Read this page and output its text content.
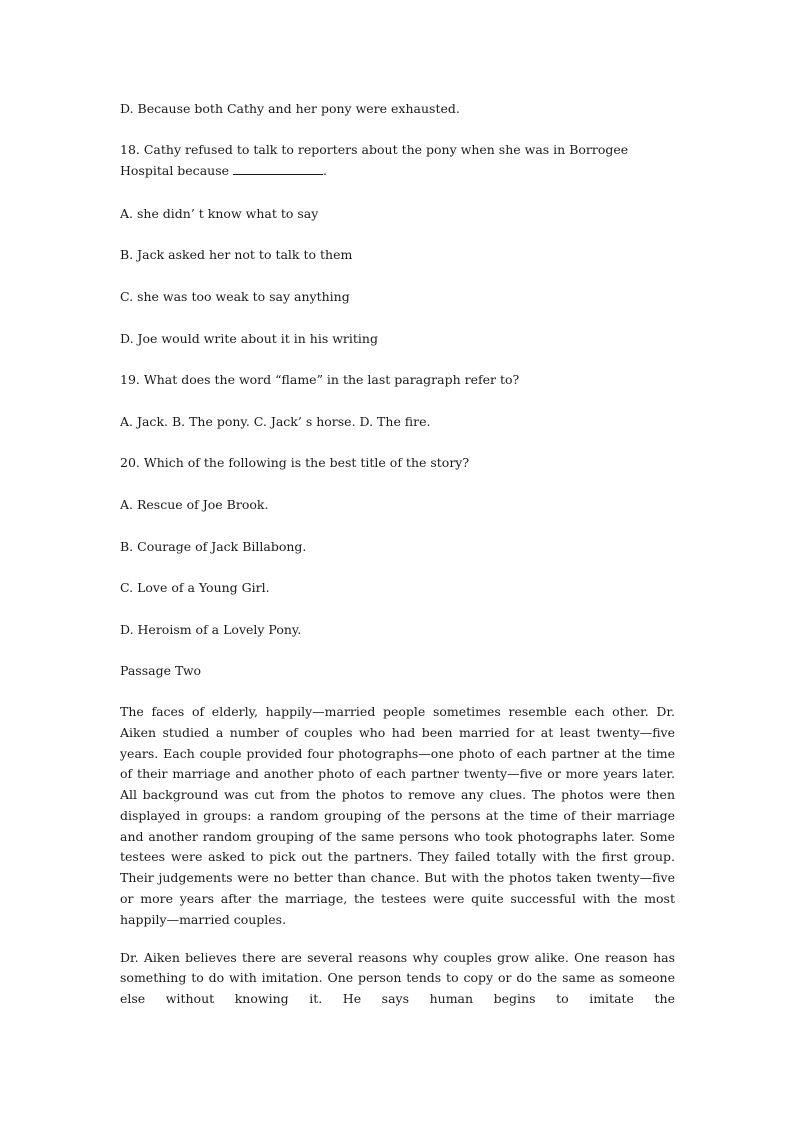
D. Because both Cathy and her pony were exhausted.

18. Cathy refused to talk to reporters about the pony when she was in Borrogee Hospital because	.

A. she didn’ t know what to say

B. Jack asked her not to talk to them

C. she was too weak to say anything

D. Joe would write about it in his writing

19. What does the word “flame” in the last paragraph refer to?

A. Jack. B. The pony. C. Jack’ s horse. D. The fire.

20. Which of the following is the best title of the story?

A. Rescue of Joe Brook.

B. Courage of Jack Billabong.

C. Love of a Young Girl.

D. Heroism of a Lovely Pony.

Passage Two

The faces of elderly, happily—married people sometimes resemble each other. Dr. Aiken studied a number of couples who had been married for at least twenty—five years. Each couple provided four photographs—one photo of each partner at the time of their marriage and another photo of each partner twenty—five or more years later. All background was cut from the photos to remove any clues. The photos were then displayed in groups: a random grouping of the persons at the time of their marriage and another random grouping of the same persons who took photographs later. Some testees were asked to pick out the partners. They failed totally with the first group. Their judgements were no better than chance. But with the photos taken twenty—five or more years after the marriage, the testees were quite successful with the most happily—married couples.

Dr. Aiken believes there are several reasons why couples grow alike. One reason has something to do with imitation. One person tends to copy or do the same as someone else without knowing it. He says human begins to imitate the
